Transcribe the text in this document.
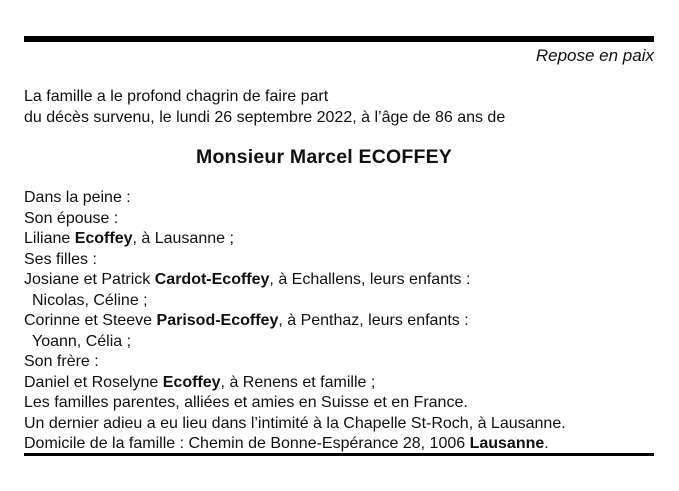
Repose en paix
La famille a le profond chagrin de faire part
du décès survenu, le lundi 26 septembre 2022, à l’âge de 86 ans de
Monsieur Marcel ECOFFEY
Dans la peine :
Son épouse :
Liliane Ecoffey, à Lausanne ;
Ses filles :
Josiane et Patrick Cardot-Ecoffey, à Echallens, leurs enfants :
Nicolas, Céline ;
Corinne et Steeve Parisod-Ecoffey, à Penthaz, leurs enfants :
Yoann, Célia ;
Son frère :
Daniel et Roselyne Ecoffey, à Renens et famille ;
Les familles parentes, alliées et amies en Suisse et en France.
Un dernier adieu a eu lieu dans l’intimité à la Chapelle St-Roch, à Lausanne.
Domicile de la famille : Chemin de Bonne-Espérance 28, 1006 Lausanne.
